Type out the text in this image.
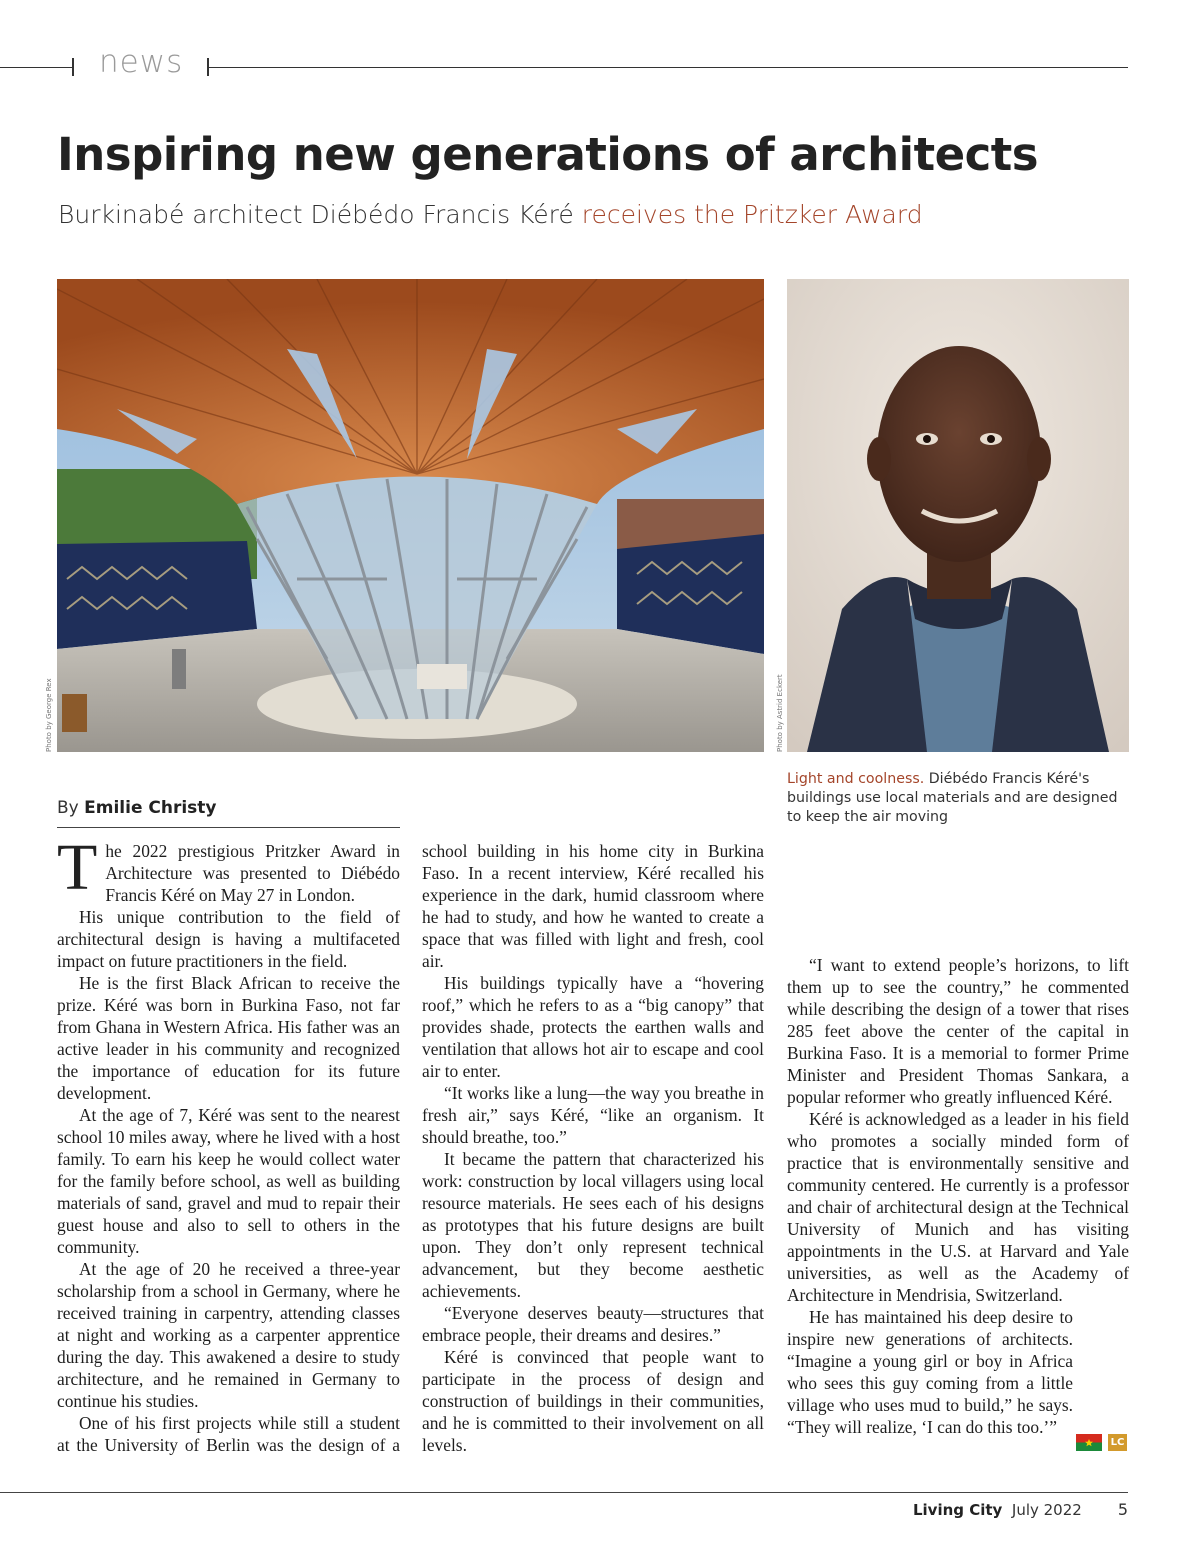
news
Inspiring new generations of architects
Burkinabé architect Diébédo Francis Kéré receives the Pritzker Award
Photo by George Rex	Photo by Astrid Eckert
Light and coolness. Diébédo Francis Kéré's buildings use local materials and are designed to keep the air moving
By Emilie Christy

The 2022 prestigious Pritzker Award in Architecture was presented to Diébédo Francis Kéré on May 27 in London.

His unique contribution to the field of architectural design is having a multifaceted impact on future practitioners in the field.

He is the first Black African to receive the prize. Kéré was born in Burkina Faso, not far from Ghana in Western Africa. His father was an active leader in his community and recognized the importance of education for its future development.

At the age of 7, Kéré was sent to the nearest school 10 miles away, where he lived with a host family. To earn his keep he would collect water for the family before school, as well as building materials of sand, gravel and mud to repair their guest house and also to sell to others in the community.

At the age of 20 he received a three-year scholarship from a school in Germany, where he received training in carpentry, attending classes at night and working as a carpenter apprentice during the day. This awakened a desire to study architecture, and he remained in Germany to continue his studies.

One of his first projects while still a student at the University of Berlin was the design of a

school building in his home city in Burkina Faso. In a recent interview, Kéré recalled his experience in the dark, humid classroom where he had to study, and how he wanted to create a space that was filled with light and fresh, cool air.

His buildings typically have a “hovering roof,” which he refers to as a “big canopy” that provides shade, protects the earthen walls and ventilation that allows hot air to escape and cool air to enter.

“It works like a lung—the way you breathe in fresh air,” says Kéré, “like an organism. It should breathe, too.”

It became the pattern that characterized his work: construction by local villagers using local resource materials. He sees each of his designs as prototypes that his future designs are built upon. They don’t only represent technical advancement, but they become aesthetic achievements.

“Everyone deserves beauty—structures that embrace people, their dreams and desires.”

Kéré is convinced that people want to participate in the process of design and construction of buildings in their communities, and he is committed to their involvement on all levels.

“I want to extend people’s horizons, to lift them up to see the country,” he commented while describing the design of a tower that rises 285 feet above the center of the capital in Burkina Faso. It is a memorial to former Prime Minister and President Thomas Sankara, a popular reformer who greatly influenced Kéré.

Kéré is acknowledged as a leader in his field who promotes a socially minded form of practice that is environmentally sensitive and community centered. He currently is a professor and chair of architectural design at the Technical University of Munich and has visiting appointments in the U.S. at Harvard and Yale universities, as well as the Academy of Architecture in Mendrisia, Switzerland.

He has maintained his deep desire to inspire new generations of architects. “Imagine a young girl or boy in Africa who sees this guy coming from a little village who uses mud to build,” he says. “They will realize, ‘I can do this too.’”

LC
Living City July 2022 5
